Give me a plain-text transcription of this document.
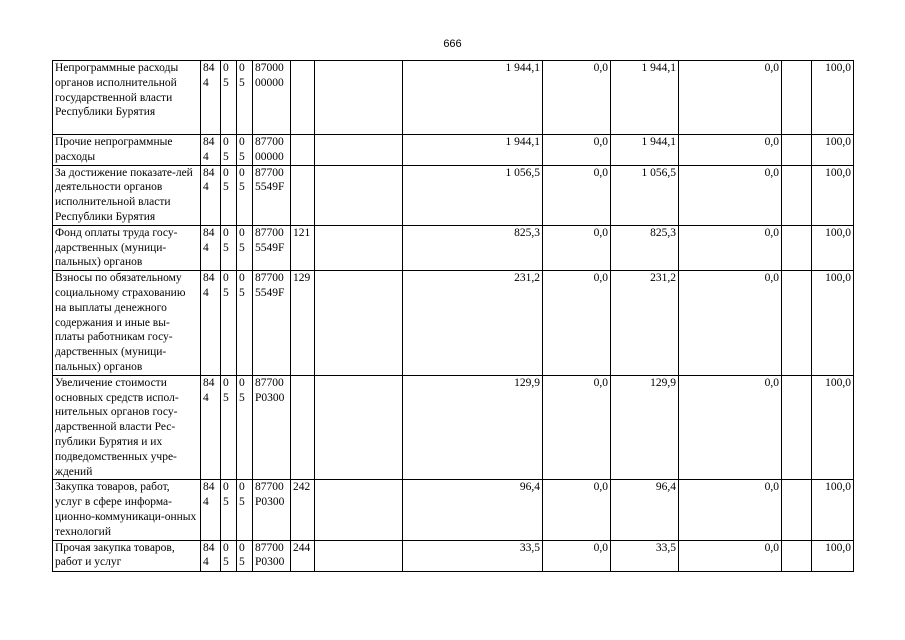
666
Непрограммные расходы органов исполнительной государственной власти Республики Бурятия	844	05	05	87000 00000			1 944,1	0,0	1 944,1	0,0		100,0
Прочие непрограммные расходы	844	05	05	87700 00000			1 944,1	0,0	1 944,1	0,0		100,0
За достижение показате-лей деятельности органов исполнительной власти Республики Бурятия	844	05	05	87700 5549F			1 056,5	0,0	1 056,5	0,0		100,0
Фонд оплаты труда госу-дарственных (муници-пальных) органов	844	05	05	87700 5549F	121		825,3	0,0	825,3	0,0		100,0
Взносы по обязательному социальному страхованию на выплаты денежного содержания и иные вы-платы работникам госу-дарственных (муници-пальных) органов	844	05	05	87700 5549F	129		231,2	0,0	231,2	0,0		100,0
Увеличение стоимости основных средств испол-нительных органов госу-дарственной власти Рес-публики Бурятия и их подведомственных учре-ждений	844	05	05	87700 Р0300			129,9	0,0	129,9	0,0		100,0
Закупка товаров, работ, услуг в сфере информа-ционно-коммуникаци-онных технологий	844	05	05	87700 Р0300	242		96,4	0,0	96,4	0,0		100,0
Прочая закупка товаров, работ и услуг	844	05	05	87700 Р0300	244		33,5	0,0	33,5	0,0		100,0
